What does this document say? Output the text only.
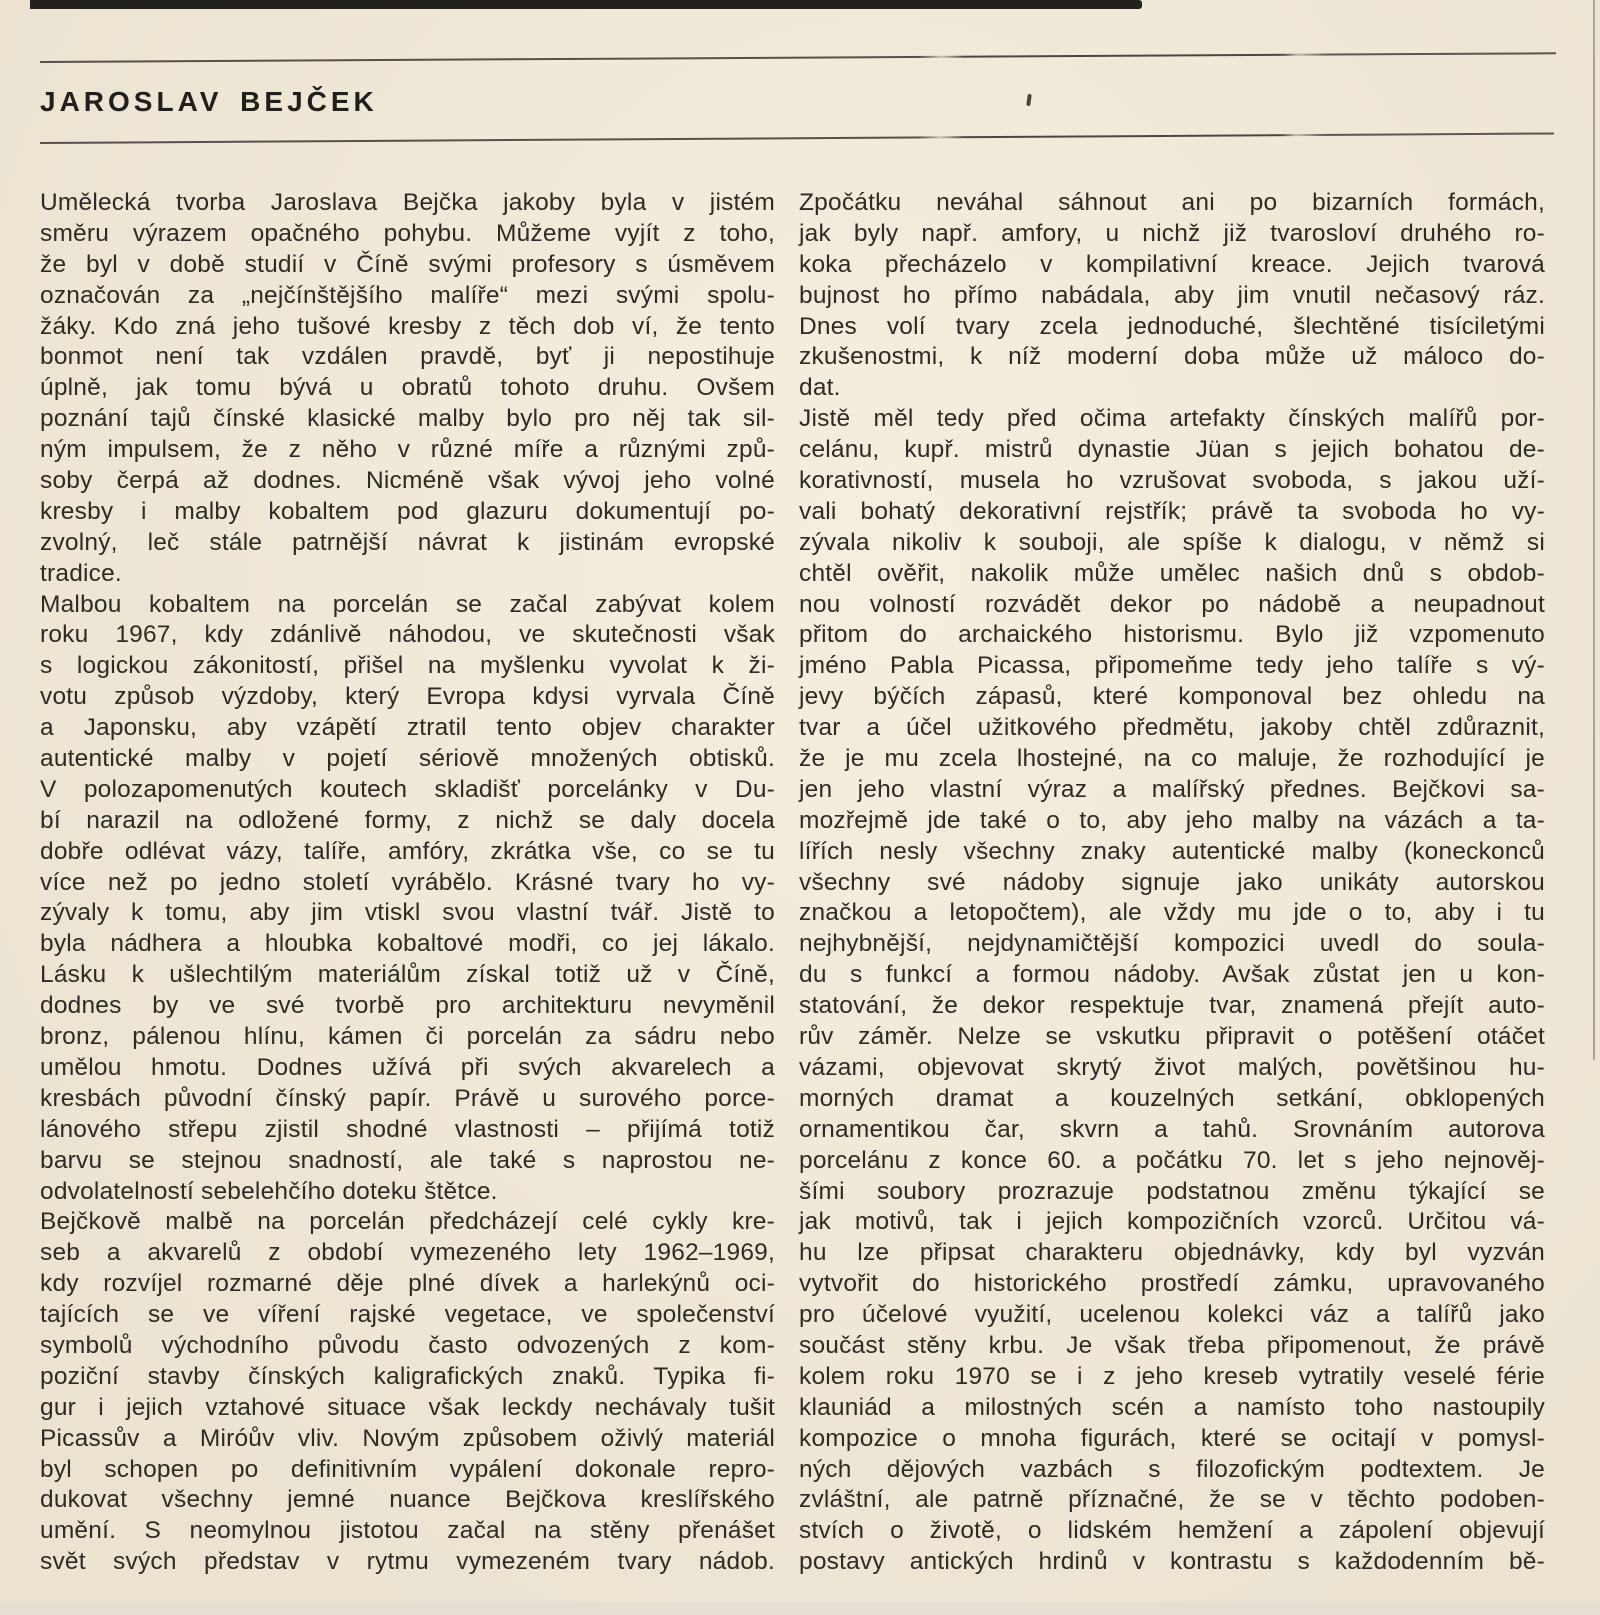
JAROSLAV BEJČEK
Umělecká tvorba Jaroslava Bejčka jakoby byla v jistém
směru výrazem opačného pohybu. Můžeme vyjít z toho,
že byl v době studií v Číně svými profesory s úsměvem
označován za „nejčínštějšího malíře“ mezi svými spolu-
žáky. Kdo zná jeho tušové kresby z těch dob ví, že tento
bonmot není tak vzdálen pravdě, byť ji nepostihuje
úplně, jak tomu bývá u obratů tohoto druhu. Ovšem
poznání tajů čínské klasické malby bylo pro něj tak sil-
ným impulsem, že z něho v různé míře a různými způ-
soby čerpá až dodnes. Nicméně však vývoj jeho volné
kresby i malby kobaltem pod glazuru dokumentují po-
zvolný, leč stále patrnější návrat k jistinám evropské
tradice.
Malbou kobaltem na porcelán se začal zabývat kolem
roku 1967, kdy zdánlivě náhodou, ve skutečnosti však
s logickou zákonitostí, přišel na myšlenku vyvolat k ži-
votu způsob výzdoby, který Evropa kdysi vyrvala Číně
a Japonsku, aby vzápětí ztratil tento objev charakter
autentické malby v pojetí sériově množených obtisků.
V polozapomenutých koutech skladišť porcelánky v Du-
bí narazil na odložené formy, z nichž se daly docela
dobře odlévat vázy, talíře, amfóry, zkrátka vše, co se tu
více než po jedno století vyrábělo. Krásné tvary ho vy-
zývaly k tomu, aby jim vtiskl svou vlastní tvář. Jistě to
byla nádhera a hloubka kobaltové modři, co jej lákalo.
Lásku k ušlechtilým materiálům získal totiž už v Číně,
dodnes by ve své tvorbě pro architekturu nevyměnil
bronz, pálenou hlínu, kámen či porcelán za sádru nebo
umělou hmotu. Dodnes užívá při svých akvarelech a
kresbách původní čínský papír. Právě u surového porce-
lánového střepu zjistil shodné vlastnosti – přijímá totiž
barvu se stejnou snadností, ale také s naprostou ne-
odvolatelností sebelehčího doteku štětce.
Bejčkově malbě na porcelán předcházejí celé cykly kre-
seb a akvarelů z období vymezeného lety 1962–1969,
kdy rozvíjel rozmarné děje plné dívek a harlekýnů oci-
tajících se ve víření rajské vegetace, ve společenství
symbolů východního původu často odvozených z kom-
poziční stavby čínských kaligrafických znaků. Typika fi-
gur i jejich vztahové situace však leckdy nechávaly tušit
Picassův a Miróův vliv. Novým způsobem oživlý materiál
byl schopen po definitivním vypálení dokonale repro-
dukovat všechny jemné nuance Bejčkova kreslířského
umění. S neomylnou jistotou začal na stěny přenášet
svět svých představ v rytmu vymezeném tvary nádob.
Zpočátku neváhal sáhnout ani po bizarních formách,
jak byly např. amfory, u nichž již tvarosloví druhého ro-
koka přecházelo v kompilativní kreace. Jejich tvarová
bujnost ho přímo nabádala, aby jim vnutil nečasový ráz.
Dnes volí tvary zcela jednoduché, šlechtěné tisíciletými
zkušenostmi, k níž moderní doba může už máloco do-
dat.
Jistě měl tedy před očima artefakty čínských malířů por-
celánu, kupř. mistrů dynastie Jüan s jejich bohatou de-
korativností, musela ho vzrušovat svoboda, s jakou uží-
vali bohatý dekorativní rejstřík; právě ta svoboda ho vy-
zývala nikoliv k souboji, ale spíše k dialogu, v němž si
chtěl ověřit, nakolik může umělec našich dnů s obdob-
nou volností rozvádět dekor po nádobě a neupadnout
přitom do archaického historismu. Bylo již vzpomenuto
jméno Pabla Picassa, připomeňme tedy jeho talíře s vý-
jevy býčích zápasů, které komponoval bez ohledu na
tvar a účel užitkového předmětu, jakoby chtěl zdůraznit,
že je mu zcela lhostejné, na co maluje, že rozhodující je
jen jeho vlastní výraz a malířský přednes. Bejčkovi sa-
mozřejmě jde také o to, aby jeho malby na vázách a ta-
lířích nesly všechny znaky autentické malby (koneckonců
všechny své nádoby signuje jako unikáty autorskou
značkou a letopočtem), ale vždy mu jde o to, aby i tu
nejhybnější, nejdynamičtější kompozici uvedl do soula-
du s funkcí a formou nádoby. Avšak zůstat jen u kon-
statování, že dekor respektuje tvar, znamená přejít auto-
rův záměr. Nelze se vskutku připravit o potěšení otáčet
vázami, objevovat skrytý život malých, povětšinou hu-
morných dramat a kouzelných setkání, obklopených
ornamentikou čar, skvrn a tahů. Srovnáním autorova
porcelánu z konce 60. a počátku 70. let s jeho nejnověj-
šími soubory prozrazuje podstatnou změnu týkající se
jak motivů, tak i jejich kompozičních vzorců. Určitou vá-
hu lze připsat charakteru objednávky, kdy byl vyzván
vytvořit do historického prostředí zámku, upravovaného
pro účelové využití, ucelenou kolekci váz a talířů jako
součást stěny krbu. Je však třeba připomenout, že právě
kolem roku 1970 se i z jeho kreseb vytratily veselé férie
klauniád a milostných scén a namísto toho nastoupily
kompozice o mnoha figurách, které se ocitají v pomysl-
ných dějových vazbách s filozofickým podtextem. Je
zvláštní, ale patrně příznačné, že se v těchto podoben-
stvích o životě, o lidském hemžení a zápolení objevují
postavy antických hrdinů v kontrastu s každodenním bě-
